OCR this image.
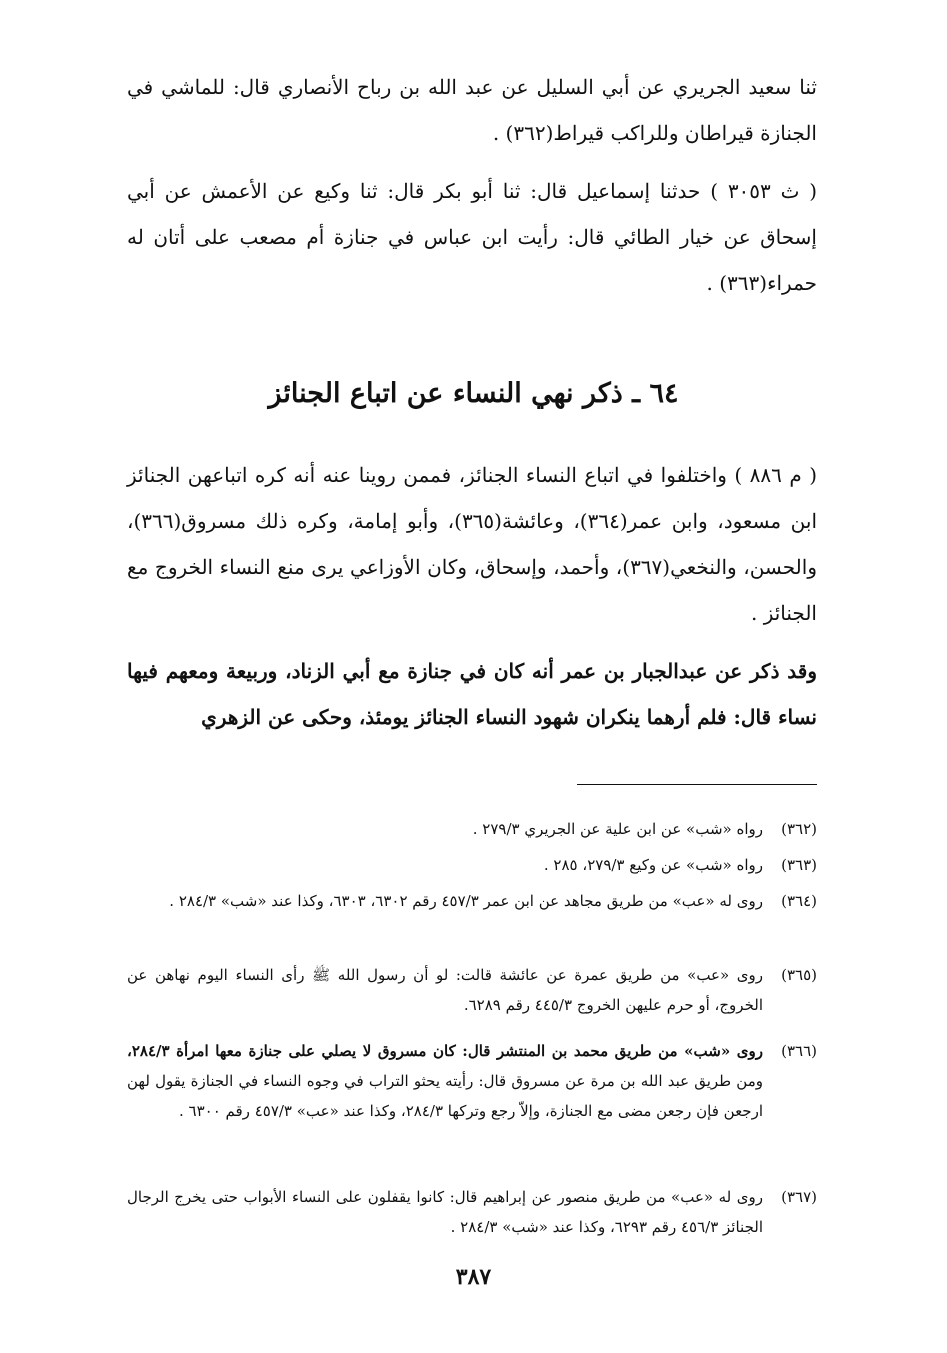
ثنا سعيد الجريري عن أبي السليل عن عبد الله بن رباح الأنصاري قال: للماشي في الجنازة قيراطان وللراكب قيراط(٣٦٢) .

( ث ٣٠٥٣ ) حدثنا إسماعيل قال: ثنا أبو بكر قال: ثنا وكيع عن الأعمش عن أبي إسحاق عن خيار الطائي قال: رأيت ابن عباس في جنازة أم مصعب على أتان له حمراء(٣٦٣) .

٦٤ ـ ذكر نهي النساء عن اتباع الجنائز

( م ٨٨٦ ) واختلفوا في اتباع النساء الجنائز، فممن روينا عنه أنه كره اتباعهن الجنائز ابن مسعود، وابن عمر(٣٦٤)، وعائشة(٣٦٥)، وأبو إمامة، وكره ذلك مسروق(٣٦٦)، والحسن، والنخعي(٣٦٧)، وأحمد، وإسحاق، وكان الأوزاعي يرى منع النساء الخروج مع الجنائز .

وقد ذكر عن عبدالجبار بن عمر أنه كان في جنازة مع أبي الزناد، وربيعة ومعهم فيها نساء قال: فلم أرهما ينكران شهود النساء الجنائز يومئذ، وحكى عن الزهري

(٣٦٢)
رواه «شب» عن ابن علية عن الجريري ٢٧٩/٣ .
(٣٦٣)
رواه «شب» عن وكيع ٢٧٩/٣، ٢٨٥ .
(٣٦٤)
روى له «عب» من طريق مجاهد عن ابن عمر ٤٥٧/٣ رقم ٦٣٠٢، ٦٣٠٣، وكذا عند «شب» ٢٨٤/٣ .
(٣٦٥)
روى «عب» من طريق عمرة عن عائشة قالت: لو أن رسول الله ﷺ رأى النساء اليوم نهاهن عن الخروج، أو حرم عليهن الخروج ٤٤٥/٣ رقم ٦٢٨٩.
(٣٦٦)
روى «شب» من طريق محمد بن المنتشر قال: كان مسروق لا يصلي على جنازة معها امرأة ٢٨٤/٣، ومن طريق عبد الله بن مرة عن مسروق قال: رأيته يحثو التراب في وجوه النساء في الجنازة يقول لهن ارجعن فإن رجعن مضى مع الجنازة، وإلاّ رجع وتركها ٢٨٤/٣، وكذا عند «عب» ٤٥٧/٣ رقم ٦٣٠٠ .
(٣٦٧)
روى له «عب» من طريق منصور عن إبراهيم قال: كانوا يقفلون على النساء الأبواب حتى يخرج الرجال الجنائز ٤٥٦/٣ رقم ٦٢٩٣، وكذا عند «شب» ٢٨٤/٣ .
٣٨٧
